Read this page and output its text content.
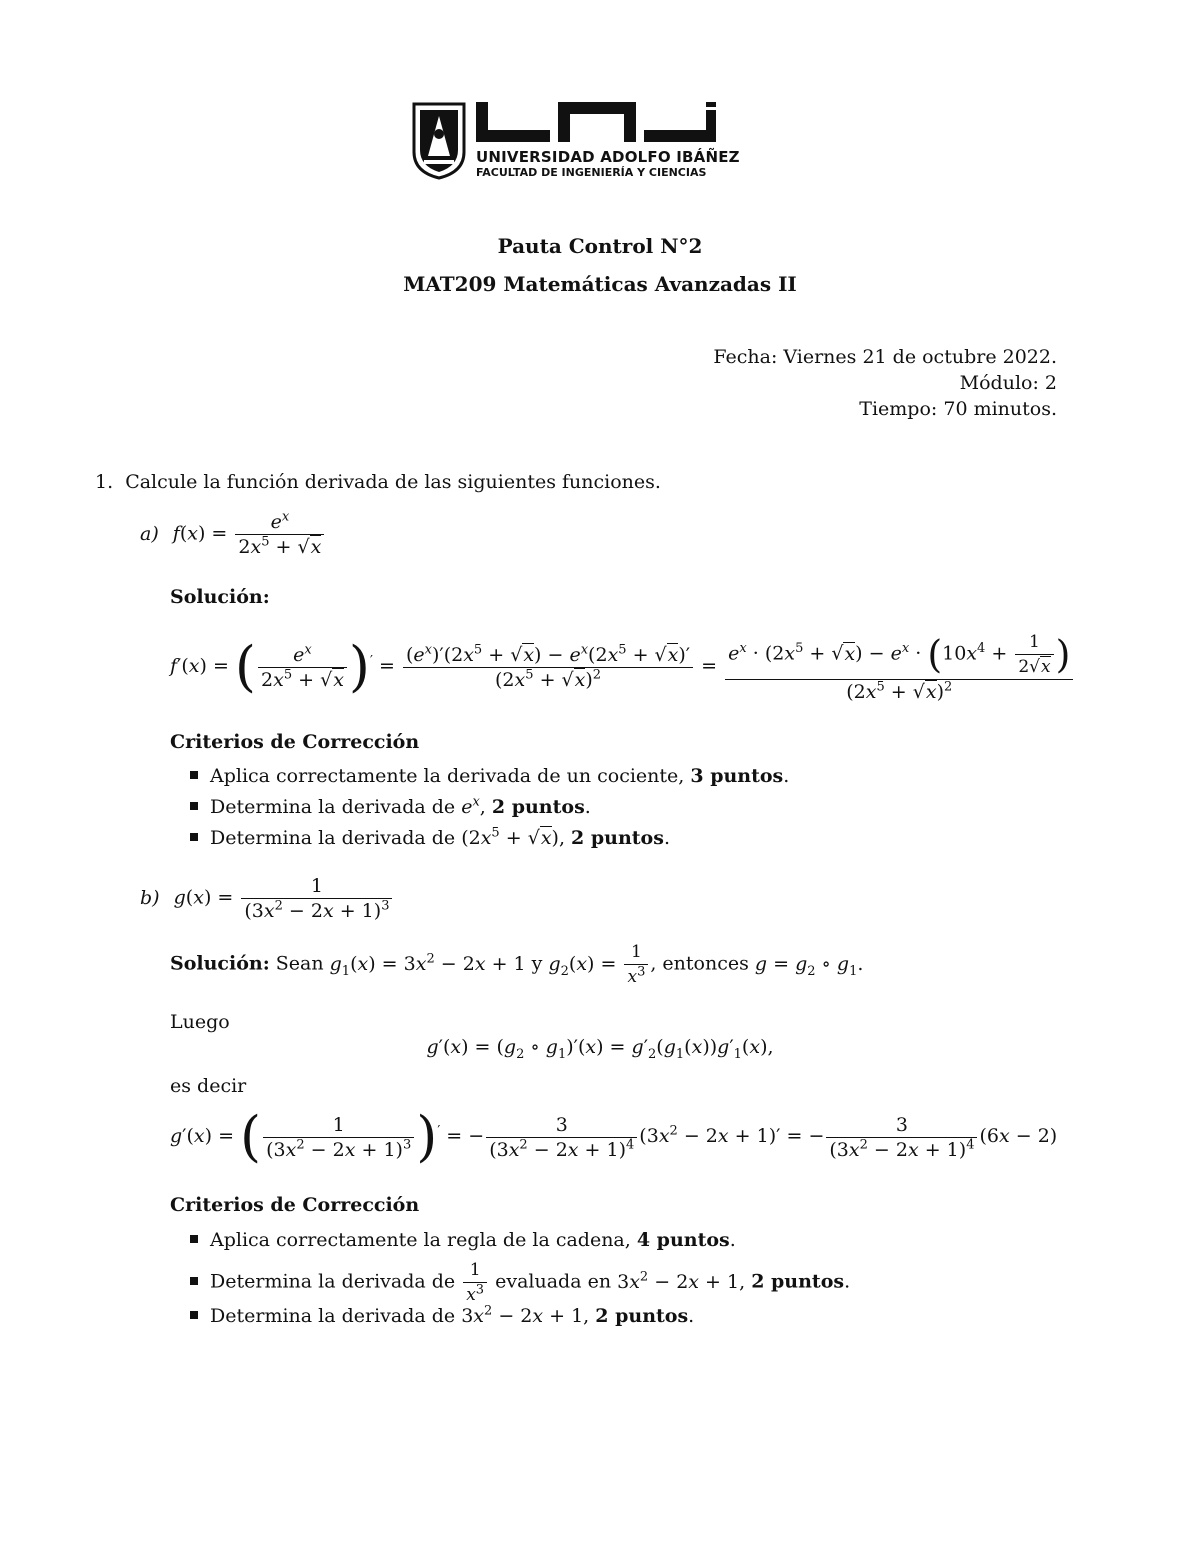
UNIVERSIDAD ADOLFO IBÁÑEZ
FACULTAD DE INGENIERÍA Y CIENCIAS
Pauta Control N°2
MAT209 Matemáticas Avanzadas II
Fecha: Viernes 21 de octubre 2022.
Módulo: 2
Tiempo: 70 minutos.
1. Calcule la función derivada de las siguientes funciones.
a) $f(x) = \frac{e^x}{2x^5 + √x}$
Solución:
f′(x) = ( $\frac{e^x}{2x^5 + √x} )' = \frac{(e^x)'(2x^5 + √x) - e^x(2x^5 + √x)'}{(2x^5 + √x)^2} = \frac{e^x \cdot (2x^5 + √x) - e^x \cdot (10x^4 + \frac{1}{2√x} )}{(2x^5 + √x)^2}$
Criterios de Corrección
Aplica correctamente la derivada de un cociente, 3 puntos.
Determina la derivada de $e^x$, 2 puntos.
Determina la derivada de $(2x^5 + √x)$, 2 puntos.
b) $g(x) = \frac{1}{(3x^2 - 2x + 1)^3}$
Solución: Sean $g_1(x) = 3x^2 - 2x + 1$ y $g_2(x) = \frac{1}{x^3}$ , entonces $g = g_2$ ∘ $g_1$.
Luego
$g'(x) = (g_2$ ∘ $g_1)'(x) = g'_2(g_1(x))g'_1(x)$,
es decir
g′(x) = ( $\frac{1}{(3x^2 - 2x + 1)^3} )'$ = − $\frac{3}{(3x^2 - 2x + 1)^4} (3x^2 - 2x + 1)'$ = − $\frac{3}{(3x^2 - 2x + 1)^4} (6x - 2)$
Criterios de Corrección
Aplica correctamente la regla de la cadena, 4 puntos.
Determina la derivada de $\frac{1}{x^3}$ evaluada en $3x^2 - 2x + 1$, 2 puntos.
Determina la derivada de $3x^2 - 2x + 1$, 2 puntos.
